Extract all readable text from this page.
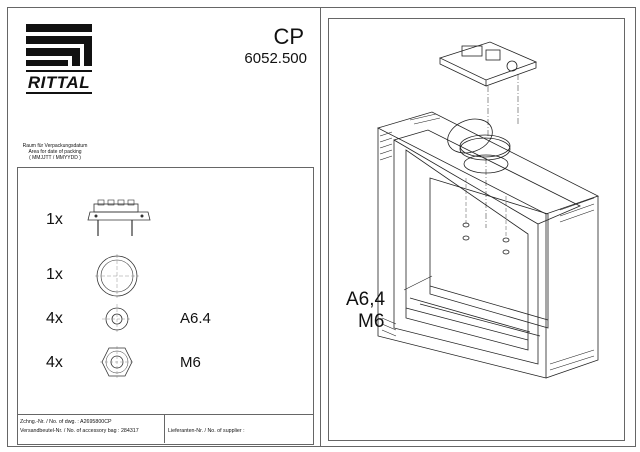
CP
6052.500
RITTAL
Raum für Verpackungsdatum
Area for date of packing
( MMJJTT / MMYYDD )
1x
1x
4x	A6.4
4x	M6
Zchng.-Nr. / No. of dwg. : A2695800CP
Versandbeutel-Nr. / No. of accessory bag : 284317	Lieferanten-Nr. / No. of supplier :
A6,4
M6
